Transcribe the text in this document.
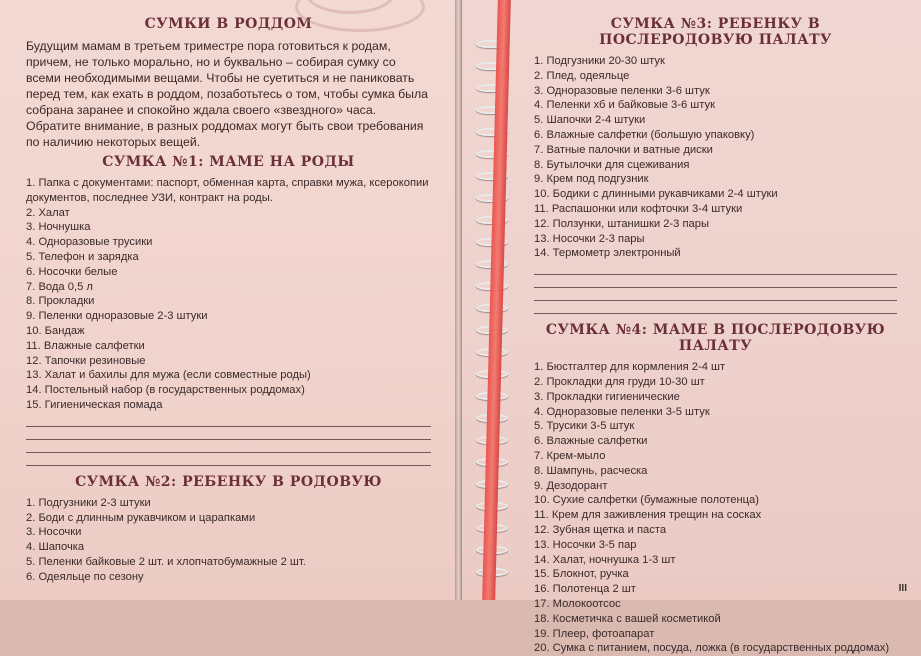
СУМКИ В РОДДОМ

Будущим мамам в третьем триместре пора готовиться к родам, причем, не только морально, но и буквально – собирая сумку со всеми необходимыми вещами. Чтобы не суетиться и не паниковать перед тем, как ехать в роддом, позаботьтесь о том, чтобы сумка была собрана заранее и спокойно ждала своего «звездного» часа. Обратите внимание, в разных роддомах могут быть свои требования по наличию некоторых вещей.

СУМКА №1: МАМЕ НА РОДЫ
1. Папка с документами: паспорт, обменная карта, справки мужа, ксерокопии документов, последнее УЗИ, контракт на роды.
2. Халат
3. Ночнушка
4. Одноразовые трусики
5. Телефон и зарядка
6. Носочки белые
7. Вода 0,5 л
8. Прокладки
9. Пеленки одноразовые 2-3 штуки
10. Бандаж
11. Влажные салфетки
12. Тапочки резиновые
13. Халат и бахилы для мужа (если совместные роды)
14. Постельный набор (в государственных роддомах)
15. Гигиеническая помада
СУМКА №2: РЕБЕНКУ В РОДОВУЮ
1. Подгузники 2-3 штуки
2. Боди с длинным рукавчиком и царапками
3. Носочки
4. Шапочка
5. Пеленки байковые 2 шт. и хлопчатобумажные 2 шт.
6. Одеяльце по сезону
СУМКА №3: РЕБЕНКУ В ПОСЛЕРОДОВУЮ ПАЛАТУ
1. Подгузники 20-30 штук
2. Плед, одеяльце
3. Одноразовые пеленки 3-6 штук
4. Пеленки хб и байковые 3-6 штук
5. Шапочки 2-4 штуки
6. Влажные салфетки (большую упаковку)
7. Ватные палочки и ватные диски
8. Бутылочки для сцеживания
9. Крем под подгузник
10. Бодики с длинными рукавчиками 2-4 штуки
11. Распашонки или кофточки 3-4 штуки
12. Ползунки, штанишки 2-3 пары
13. Носочки 2-3 пары
14. Термометр электронный
СУМКА №4: МАМЕ В ПОСЛЕРОДОВУЮ ПАЛАТУ
1. Бюстгалтер для кормления 2-4 шт
2. Прокладки для груди 10-30 шт
3. Прокладки гигиенические
4. Одноразовые пеленки 3-5 штук
5. Трусики 3-5 штук
6. Влажные салфетки
7. Крем-мыло
8. Шампунь, расческа
9. Дезодорант
10. Сухие салфетки (бумажные полотенца)
11. Крем для заживления трещин на сосках
12. Зубная щетка и паста
13. Носочки 3-5 пар
14. Халат, ночнушка 1-3 шт
15. Блокнот, ручка
16. Полотенца 2 шт
17. Молокоотсос
18. Косметичка с вашей косметикой
19. Плеер, фотоапарат
20. Сумка с питанием, посуда, ложка (в государственных роддомах)
III
